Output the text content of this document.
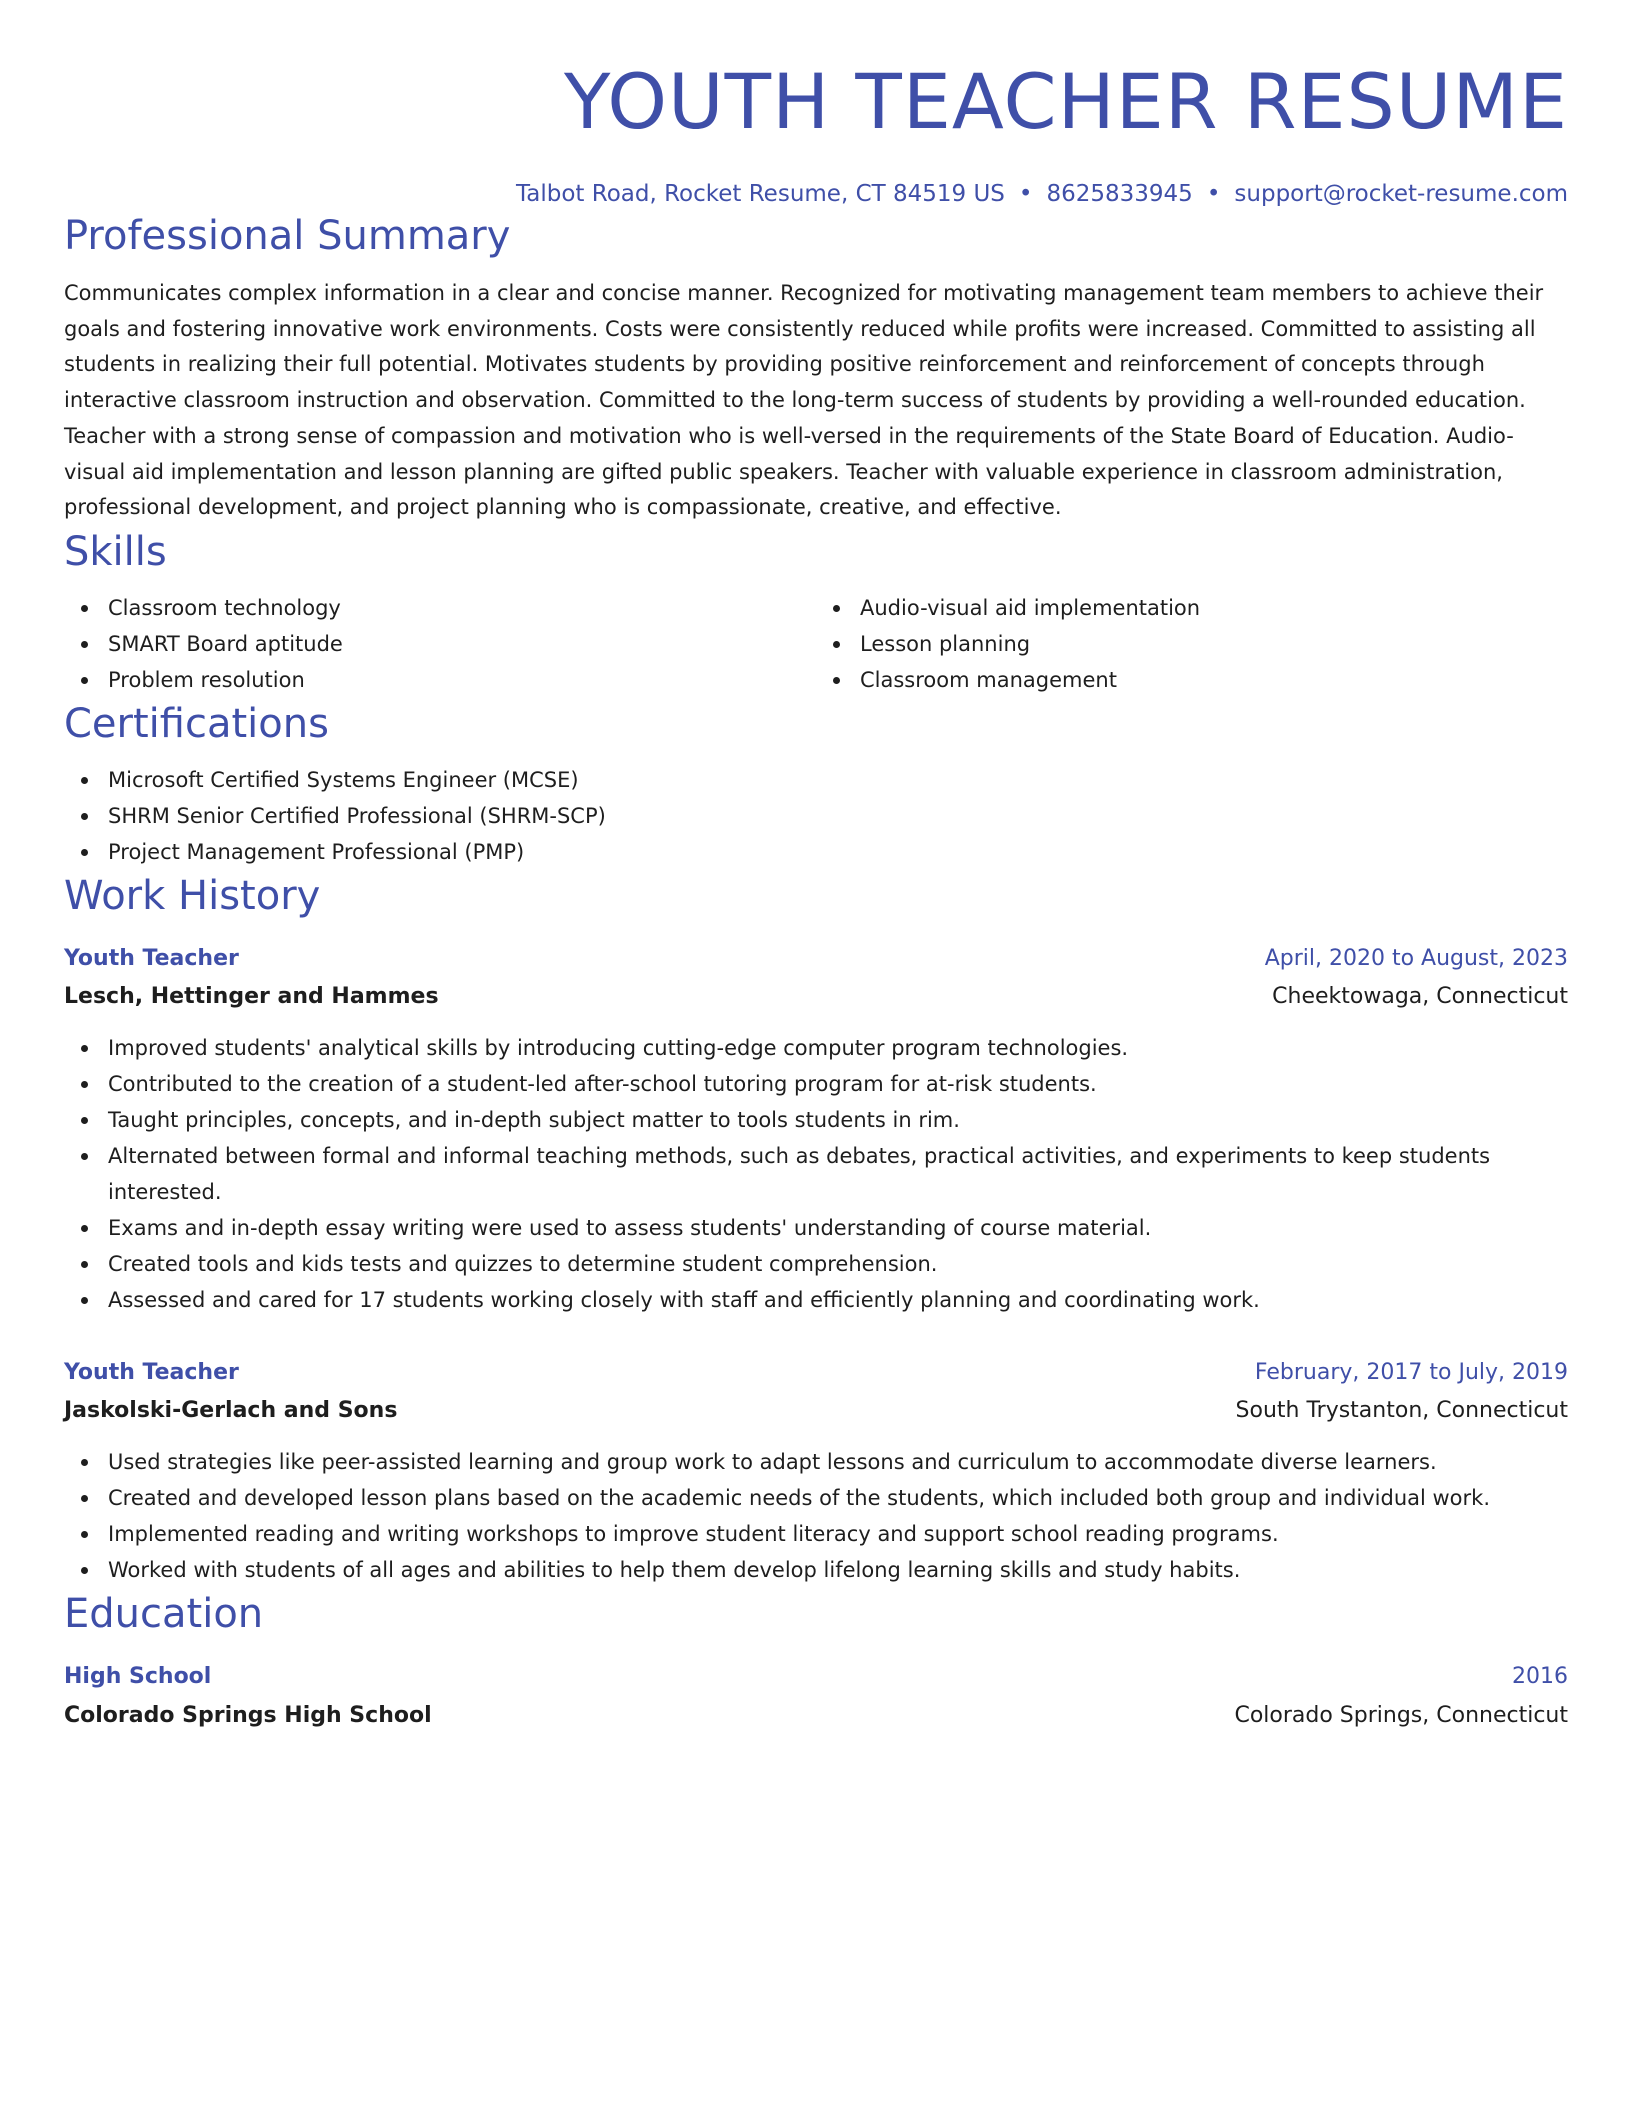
YOUTH TEACHER RESUME
Talbot Road, Rocket Resume, CT 84519 US • 8625833945 • support@rocket-resume.com
Professional Summary

Communicates complex information in a clear and concise manner. Recognized for motivating management team members to achieve their goals and fostering innovative work environments. Costs were consistently reduced while profits were increased. Committed to assisting all students in realizing their full potential. Motivates students by providing positive reinforcement and reinforcement of concepts through interactive classroom instruction and observation. Committed to the long-term success of students by providing a well-rounded education. Teacher with a strong sense of compassion and motivation who is well-versed in the requirements of the State Board of Education. Audio-visual aid implementation and lesson planning are gifted public speakers. Teacher with valuable experience in classroom administration, professional development, and project planning who is compassionate, creative, and effective.

Skills
Classroom technology
SMART Board aptitude
Problem resolution
Audio-visual aid implementation
Lesson planning
Classroom management
Certifications
Microsoft Certified Systems Engineer (MCSE)
SHRM Senior Certified Professional (SHRM-SCP)
Project Management Professional (PMP)
Work History
Youth Teacher	April, 2020 to August, 2023
Lesch, Hettinger and Hammes	Cheektowaga, Connecticut
Improved students' analytical skills by introducing cutting-edge computer program technologies.
Contributed to the creation of a student-led after-school tutoring program for at-risk students.
Taught principles, concepts, and in-depth subject matter to tools students in rim.
Alternated between formal and informal teaching methods, such as debates, practical activities, and experiments to keep students interested.
Exams and in-depth essay writing were used to assess students' understanding of course material.
Created tools and kids tests and quizzes to determine student comprehension.
Assessed and cared for 17 students working closely with staff and efficiently planning and coordinating work.
Youth Teacher	February, 2017 to July, 2019
Jaskolski-Gerlach and Sons	South Trystanton, Connecticut
Used strategies like peer-assisted learning and group work to adapt lessons and curriculum to accommodate diverse learners.
Created and developed lesson plans based on the academic needs of the students, which included both group and individual work.
Implemented reading and writing workshops to improve student literacy and support school reading programs.
Worked with students of all ages and abilities to help them develop lifelong learning skills and study habits.
Education
High School	2016
Colorado Springs High School	Colorado Springs, Connecticut
